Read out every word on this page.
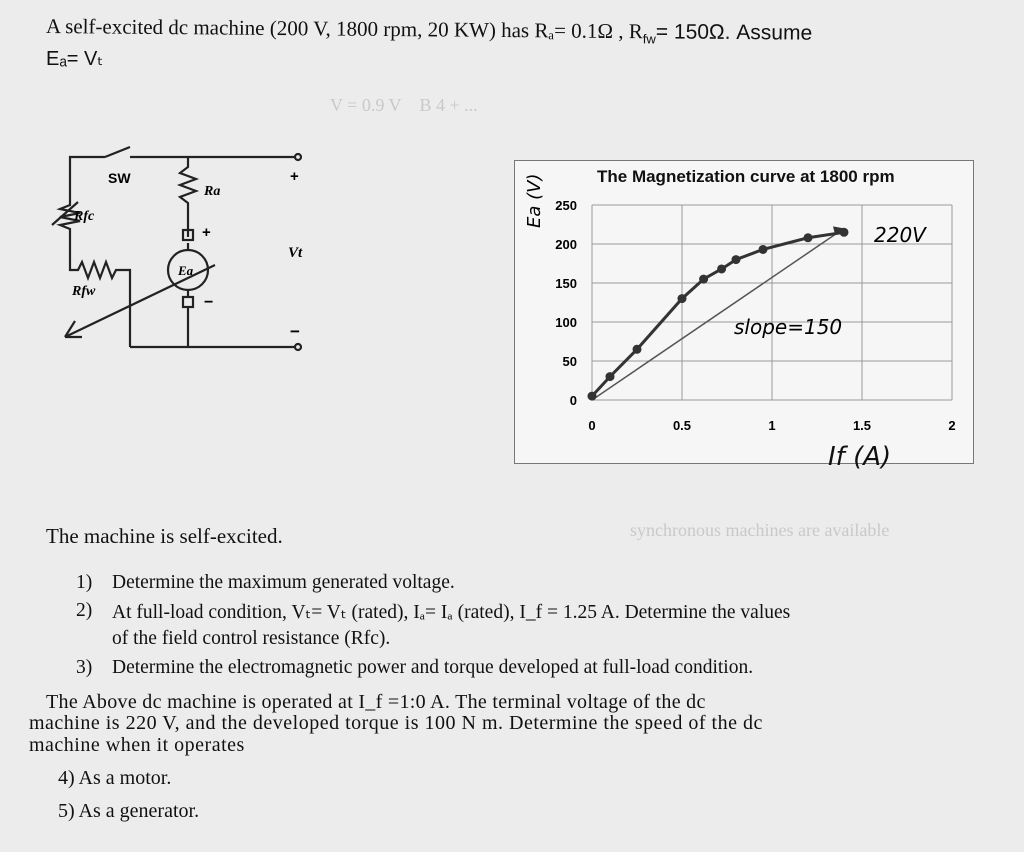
V = 0.9 V    B 4 + ...
synchronous machines are available
A self-excited dc machine (200 V, 1800 rpm, 20 KW) has Rₐ= 0.1Ω , $R_{fw}= 150\Omega$. Assume
Eₐ= Vₜ
SW
Rfc
Rfw
Ra
Ea
+
−
+
Vt
−
The Magnetization curve at 1800 rpm
0	0.5	1	1.5	2
0
50
100
150
200
250
220V
slope=150
Ea (V)
If (A)
The machine is self-excited.
1) Determine the maximum generated voltage.
2) At full-load condition, Vₜ= Vₜ (rated), Iₐ= Iₐ (rated), I_f = 1.25 A. Determine the values
of the field control resistance (Rfc).
3) Determine the electromagnetic power and torque developed at full-load condition.
The Above dc machine is operated at I_f =1:0 A. The terminal voltage of the dc
machine is 220 V, and the developed torque is 100 N m. Determine the speed of the dc
machine when it operates
4) As a motor.
5) As a generator.
